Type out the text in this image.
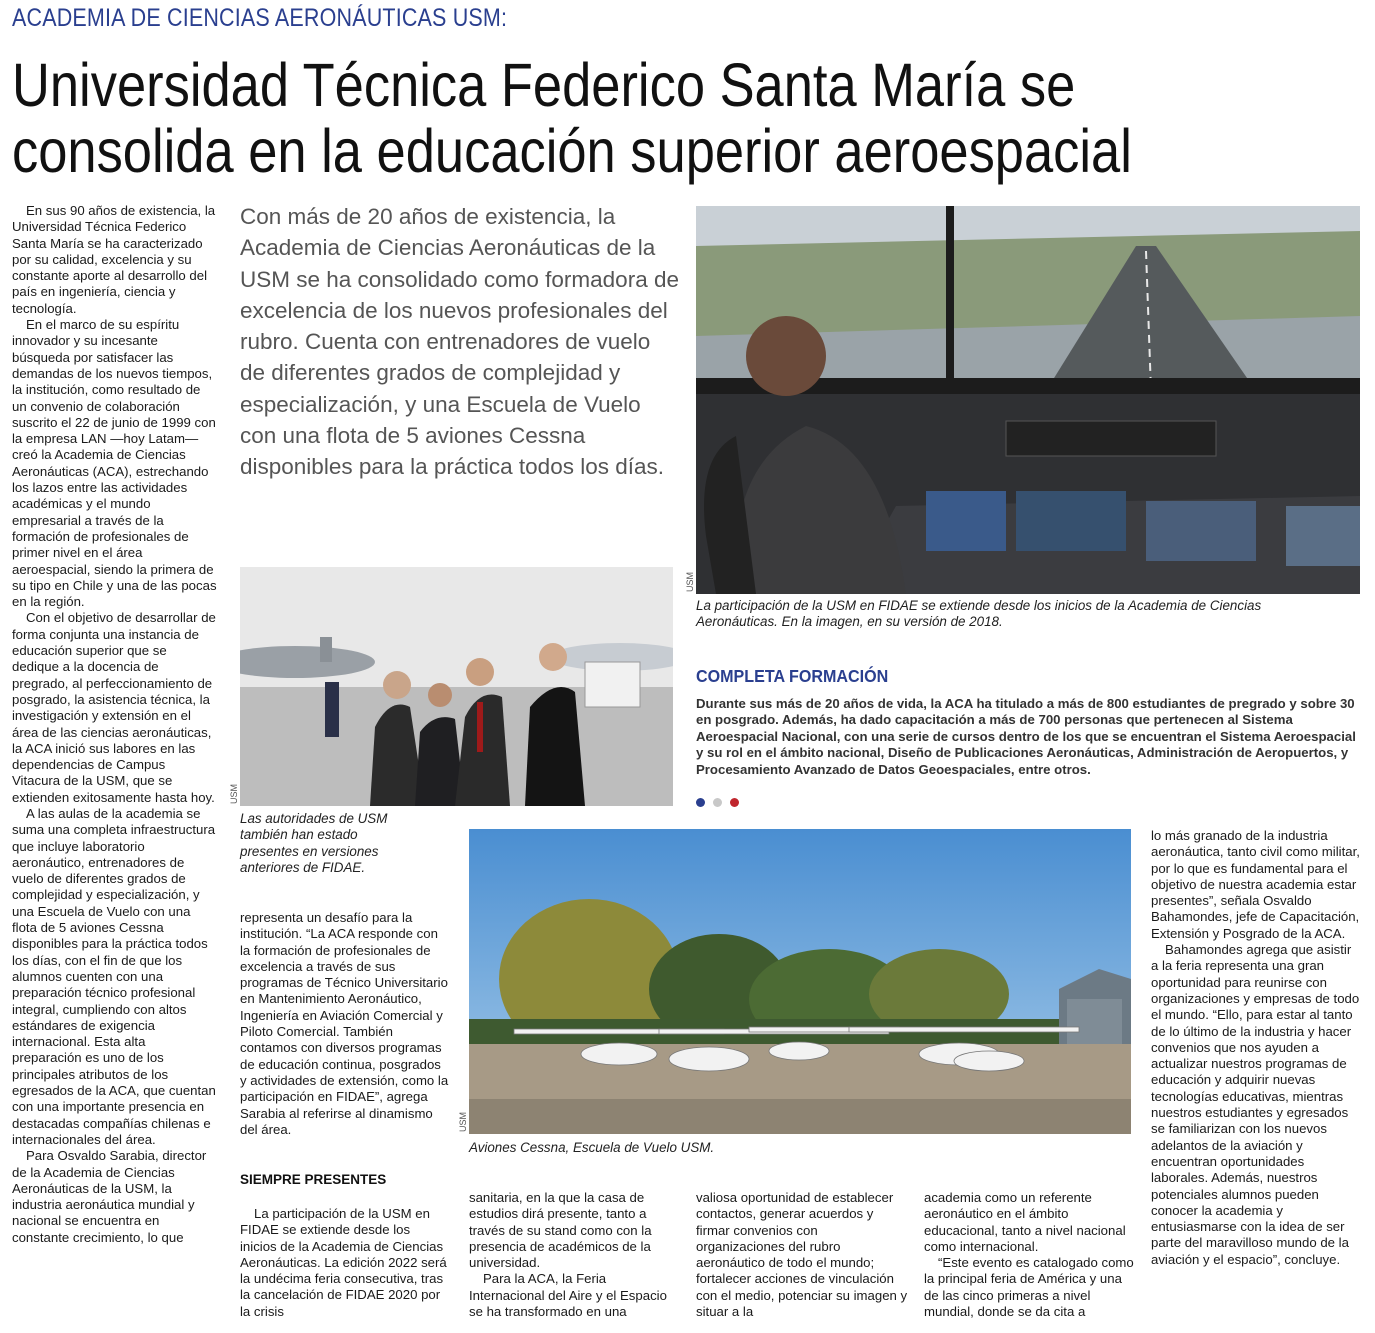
ACADEMIA DE CIENCIAS AERONÁUTICAS USM:
Universidad Técnica Federico Santa María se
consolida en la educación superior aeroespacial

En sus 90 años de existencia, la Universidad Técnica Federico Santa María se ha caracterizado por su calidad, excelencia y su constante aporte al desarrollo del país en ingeniería, ciencia y tecnología.

En el marco de su espíritu innovador y su incesante búsqueda por satisfacer las demandas de los nuevos tiempos, la institución, como resultado de un convenio de colaboración suscrito el 22 de junio de 1999 con la empresa LAN —hoy Latam— creó la Academia de Ciencias Aeronáuticas (ACA), estrechando los lazos entre las actividades académicas y el mundo empresarial a través de la formación de profesionales de primer nivel en el área aeroespacial, siendo la primera de su tipo en Chile y una de las pocas en la región.

Con el objetivo de desarrollar de forma conjunta una instancia de educación superior que se dedique a la docencia de pregrado, al perfeccionamiento de posgrado, la asistencia técnica, la investigación y extensión en el área de las ciencias aeronáuticas, la ACA inició sus labores en las dependencias de Campus Vitacura de la USM, que se extienden exitosamente hasta hoy.

A las aulas de la academia se suma una completa infraestructura que incluye laboratorio aeronáutico, entrenadores de vuelo de diferentes grados de complejidad y especialización, y una Escuela de Vuelo con una flota de 5 aviones Cessna disponibles para la práctica todos los días, con el fin de que los alumnos cuenten con una preparación técnico profesional integral, cumpliendo con altos estándares de exigencia internacional. Esta alta preparación es uno de los principales atributos de los egresados de la ACA, que cuentan con una importante presencia en destacadas compañías chilenas e internacionales del área.

Para Osvaldo Sarabia, director de la Academia de Ciencias Aeronáuticas de la USM, la industria aeronáutica mundial y nacional se encuentra en constante crecimiento, lo que

Con más de 20 años de existencia, la Academia de Ciencias Aeronáuticas de la USM se ha consolidado como formadora de excelencia de los nuevos profesionales del rubro. Cuenta con entrenadores de vuelo de diferentes grados de complejidad y especialización, y una Escuela de Vuelo con una flota de 5 aviones Cessna disponibles para la práctica todos los días.
USM
La participación de la USM en FIDAE se extiende desde los inicios de la Academia de Ciencias Aeronáuticas. En la imagen, en su versión de 2018.
USM
Las autoridades de USM también han estado presentes en versiones anteriores de FIDAE.
COMPLETA FORMACIÓN
Durante sus más de 20 años de vida, la ACA ha titulado a más de 800 estudiantes de pregrado y sobre 30 en posgrado. Además, ha dado capacitación a más de 700 personas que pertenecen al Sistema Aeroespacial Nacional, con una serie de cursos dentro de los que se encuentran el Sistema Aeroespacial y su rol en el ámbito nacional, Diseño de Publicaciones Aeronáuticas, Administración de Aeropuertos, y Procesamiento Avanzado de Datos Geoespaciales, entre otros.
USM
Aviones Cessna, Escuela de Vuelo USM.

representa un desafío para la institución. “La ACA responde con la formación de profesionales de excelencia a través de sus programas de Técnico Universitario en Mantenimiento Aeronáutico, Ingeniería en Aviación Comercial y Piloto Comercial. También contamos con diversos programas de educación continua, posgrados y actividades de extensión, como la participación en FIDAE”, agrega Sarabia al referirse al dinamismo del área.

SIEMPRE PRESENTES

La participación de la USM en FIDAE se extiende desde los inicios de la Academia de Ciencias Aeronáuticas. La edición 2022 será la undécima feria consecutiva, tras la cancelación de FIDAE 2020 por la crisis

sanitaria, en la que la casa de estudios dirá presente, tanto a través de su stand como con la presencia de académicos de la universidad.

Para la ACA, la Feria Internacional del Aire y el Espacio se ha transformado en una

valiosa oportunidad de establecer contactos, generar acuerdos y firmar convenios con organizaciones del rubro aeronáutico de todo el mundo; fortalecer acciones de vinculación con el medio, potenciar su imagen y situar a la

academia como un referente aeronáutico en el ámbito educacional, tanto a nivel nacional como internacional.

“Este evento es catalogado como la principal feria de América y una de las cinco primeras a nivel mundial, donde se da cita a

lo más granado de la industria aeronáutica, tanto civil como militar, por lo que es fundamental para el objetivo de nuestra academia estar presentes”, señala Osvaldo Bahamondes, jefe de Capacitación, Extensión y Posgrado de la ACA.

Bahamondes agrega que asistir a la feria representa una gran oportunidad para reunirse con organizaciones y empresas de todo el mundo. “Ello, para estar al tanto de lo último de la industria y hacer convenios que nos ayuden a actualizar nuestros programas de educación y adquirir nuevas tecnologías educativas, mientras nuestros estudiantes y egresados se familiarizan con los nuevos adelantos de la aviación y encuentran oportunidades laborales. Además, nuestros potenciales alumnos pueden conocer la academia y entusiasmarse con la idea de ser parte del maravilloso mundo de la aviación y el espacio”, concluye.
